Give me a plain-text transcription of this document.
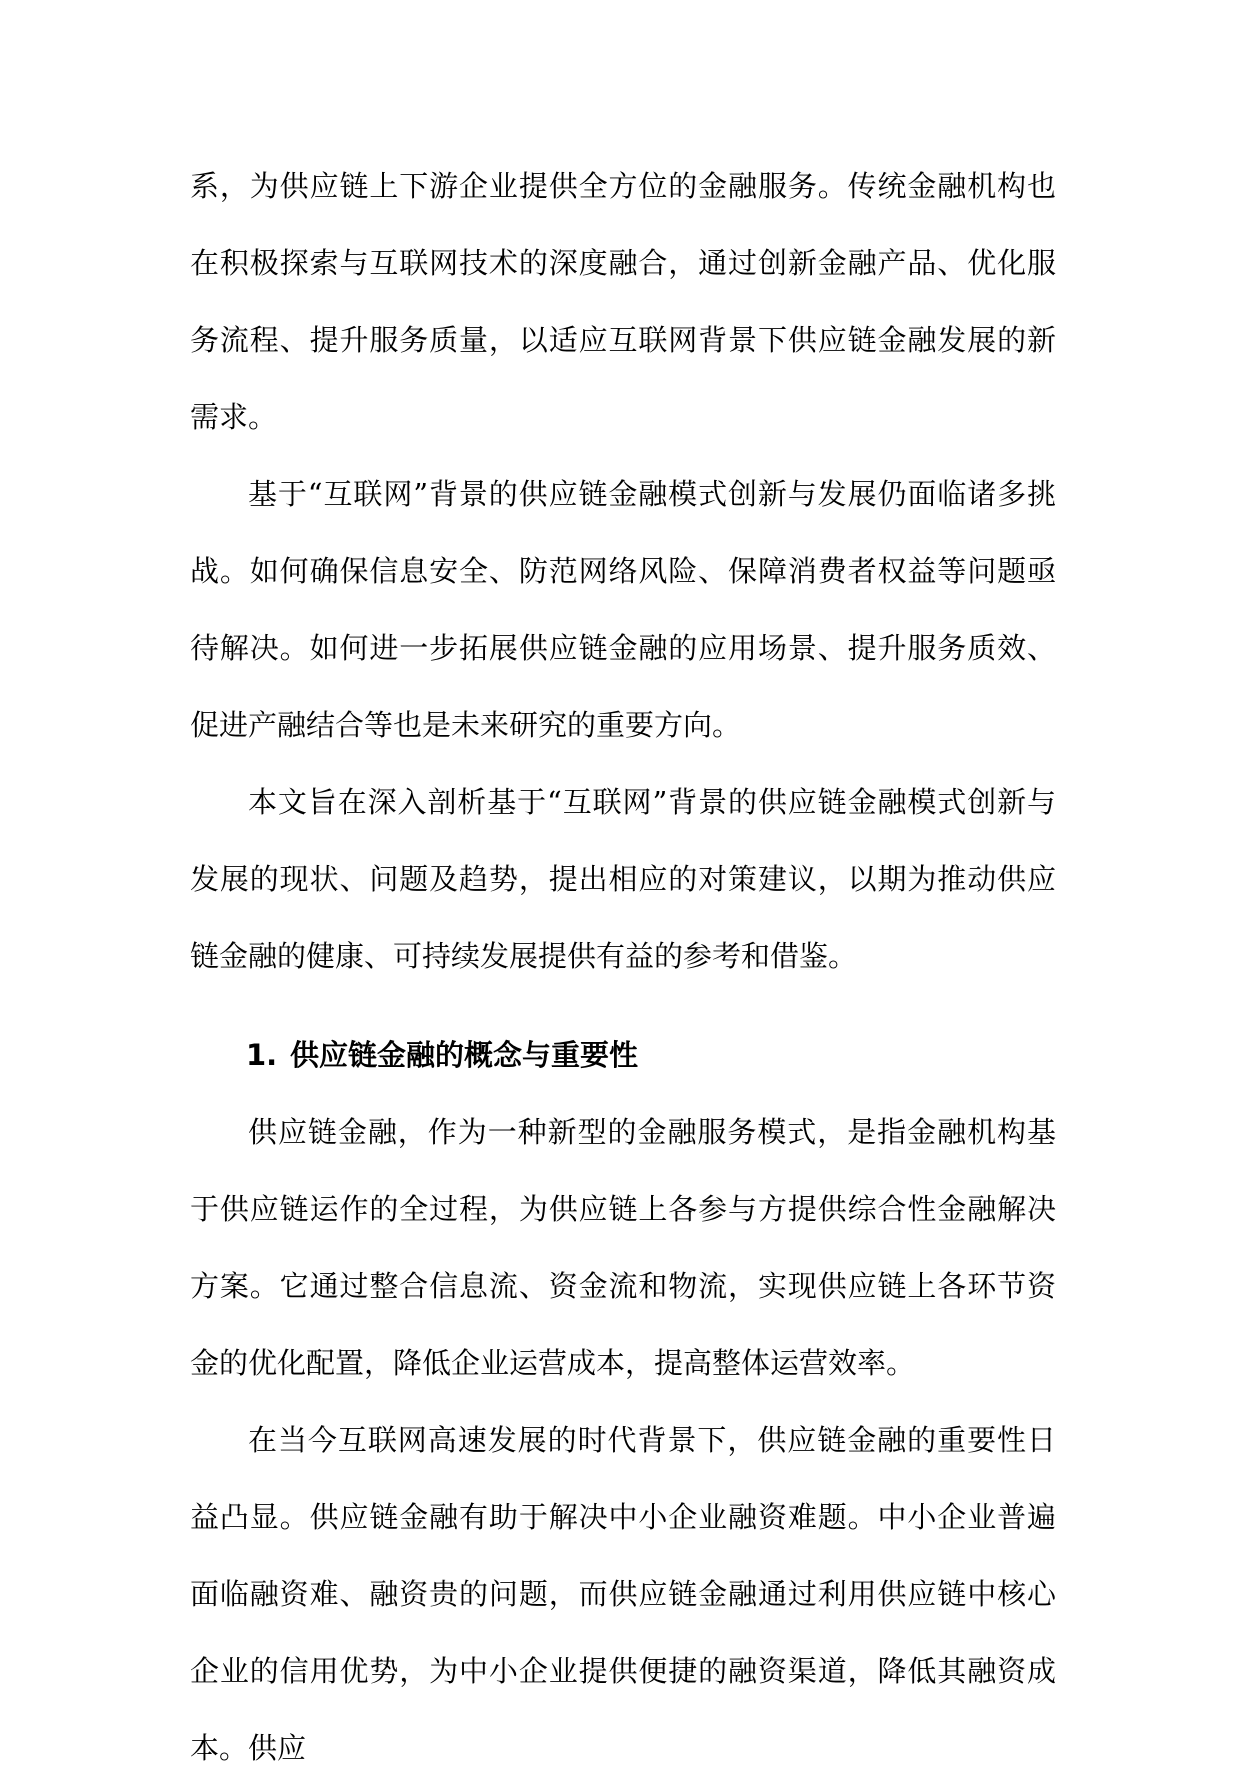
系，为供应链上下游企业提供全方位的金融服务。传统金融机构也在积极探索与互联网技术的深度融合，通过创新金融产品、优化服务流程、提升服务质量，以适应互联网背景下供应链金融发展的新需求。

基于“互联网”背景的供应链金融模式创新与发展仍面临诸多挑战。如何确保信息安全、防范网络风险、保障消费者权益等问题亟待解决。如何进一步拓展供应链金融的应用场景、提升服务质效、促进产融结合等也是未来研究的重要方向。

本文旨在深入剖析基于“互联网”背景的供应链金融模式创新与发展的现状、问题及趋势，提出相应的对策建议，以期为推动供应链金融的健康、可持续发展提供有益的参考和借鉴。

1. 供应链金融的概念与重要性

供应链金融，作为一种新型的金融服务模式，是指金融机构基于供应链运作的全过程，为供应链上各参与方提供综合性金融解决方案。它通过整合信息流、资金流和物流，实现供应链上各环节资金的优化配置，降低企业运营成本，提高整体运营效率。

在当今互联网高速发展的时代背景下，供应链金融的重要性日益凸显。供应链金融有助于解决中小企业融资难题。中小企业普遍面临融资难、融资贵的问题，而供应链金融通过利用供应链中核心企业的信用优势，为中小企业提供便捷的融资渠道，降低其融资成本。供应
